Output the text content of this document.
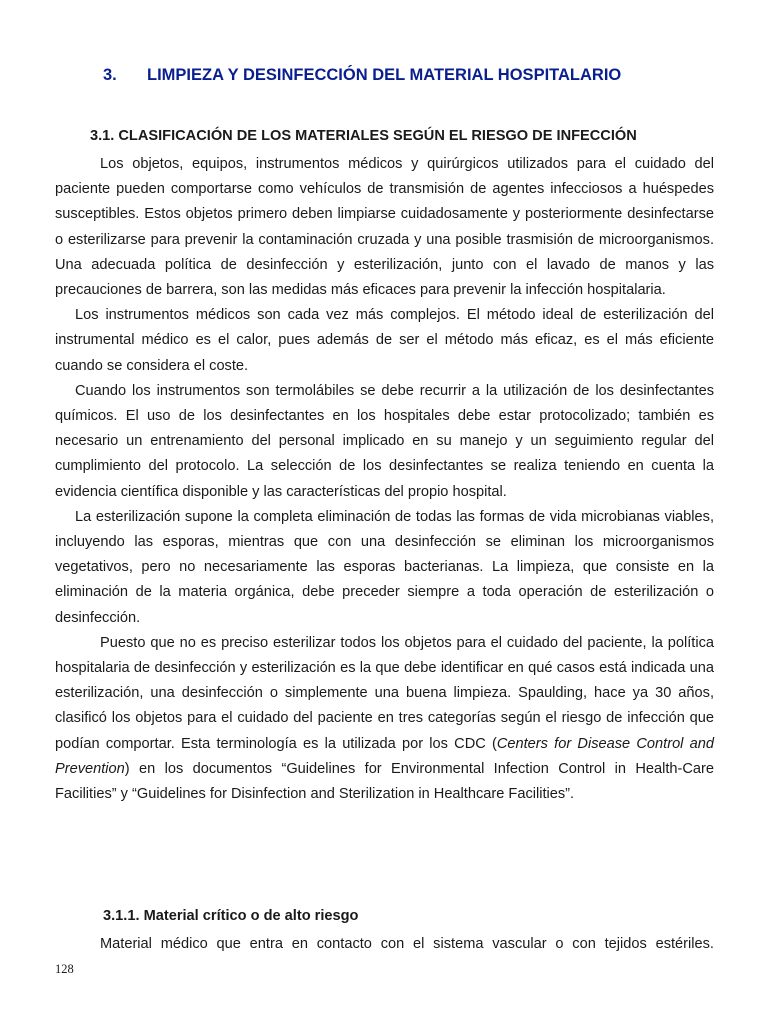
3. LIMPIEZA Y DESINFECCIÓN DEL MATERIAL HOSPITALARIO
3.1. CLASIFICACIÓN DE LOS MATERIALES SEGÚN EL RIESGO DE INFECCIÓN

Los objetos, equipos, instrumentos médicos y quirúrgicos utilizados para el cuidado del paciente pueden comportarse como vehículos de transmisión de agentes infecciosos a huéspedes susceptibles. Estos objetos primero deben limpiarse cuidadosamente y posteriormente desinfectarse o esterilizarse para prevenir la contaminación cruzada y una posible trasmisión de microorganismos. Una adecuada política de desinfección y esterilización, junto con el lavado de manos y las precauciones de barrera, son las medidas más eficaces para prevenir la infección hospitalaria.

Los instrumentos médicos son cada vez más complejos. El método ideal de esterilización del instrumental médico es el calor, pues además de ser el método más eficaz, es el más eficiente cuando se considera el coste.

Cuando los instrumentos son termolábiles se debe recurrir a la utilización de los desinfectantes químicos. El uso de los desinfectantes en los hospitales debe estar protocolizado; también es necesario un entrenamiento del personal implicado en su manejo y un seguimiento regular del cumplimiento del protocolo. La selección de los desinfectantes se realiza teniendo en cuenta la evidencia científica disponible y las características del propio hospital.

La esterilización supone la completa eliminación de todas las formas de vida microbianas viables, incluyendo las esporas, mientras que con una desinfección se eliminan los microorganismos vegetativos, pero no necesariamente las esporas bacterianas. La limpieza, que consiste en la eliminación de la materia orgánica, debe preceder siempre a toda operación de esterilización o desinfección.

Puesto que no es preciso esterilizar todos los objetos para el cuidado del paciente, la política hospitalaria de desinfección y esterilización es la que debe identificar en qué casos está indicada una esterilización, una desinfección o simplemente una buena limpieza. Spaulding, hace ya 30 años, clasificó los objetos para el cuidado del paciente en tres categorías según el riesgo de infección que podían comportar. Esta terminología es la utilizada por los CDC (Centers for Disease Control and Prevention) en los documentos “Guidelines for Environmental Infection Control in Health-Care Facilities” y “Guidelines for Disinfection and Sterilization in Healthcare Facilities”.

3.1.1. Material crítico o de alto riesgo

Material médico que entra en contacto con el sistema vascular o con tejidos estériles.

128
